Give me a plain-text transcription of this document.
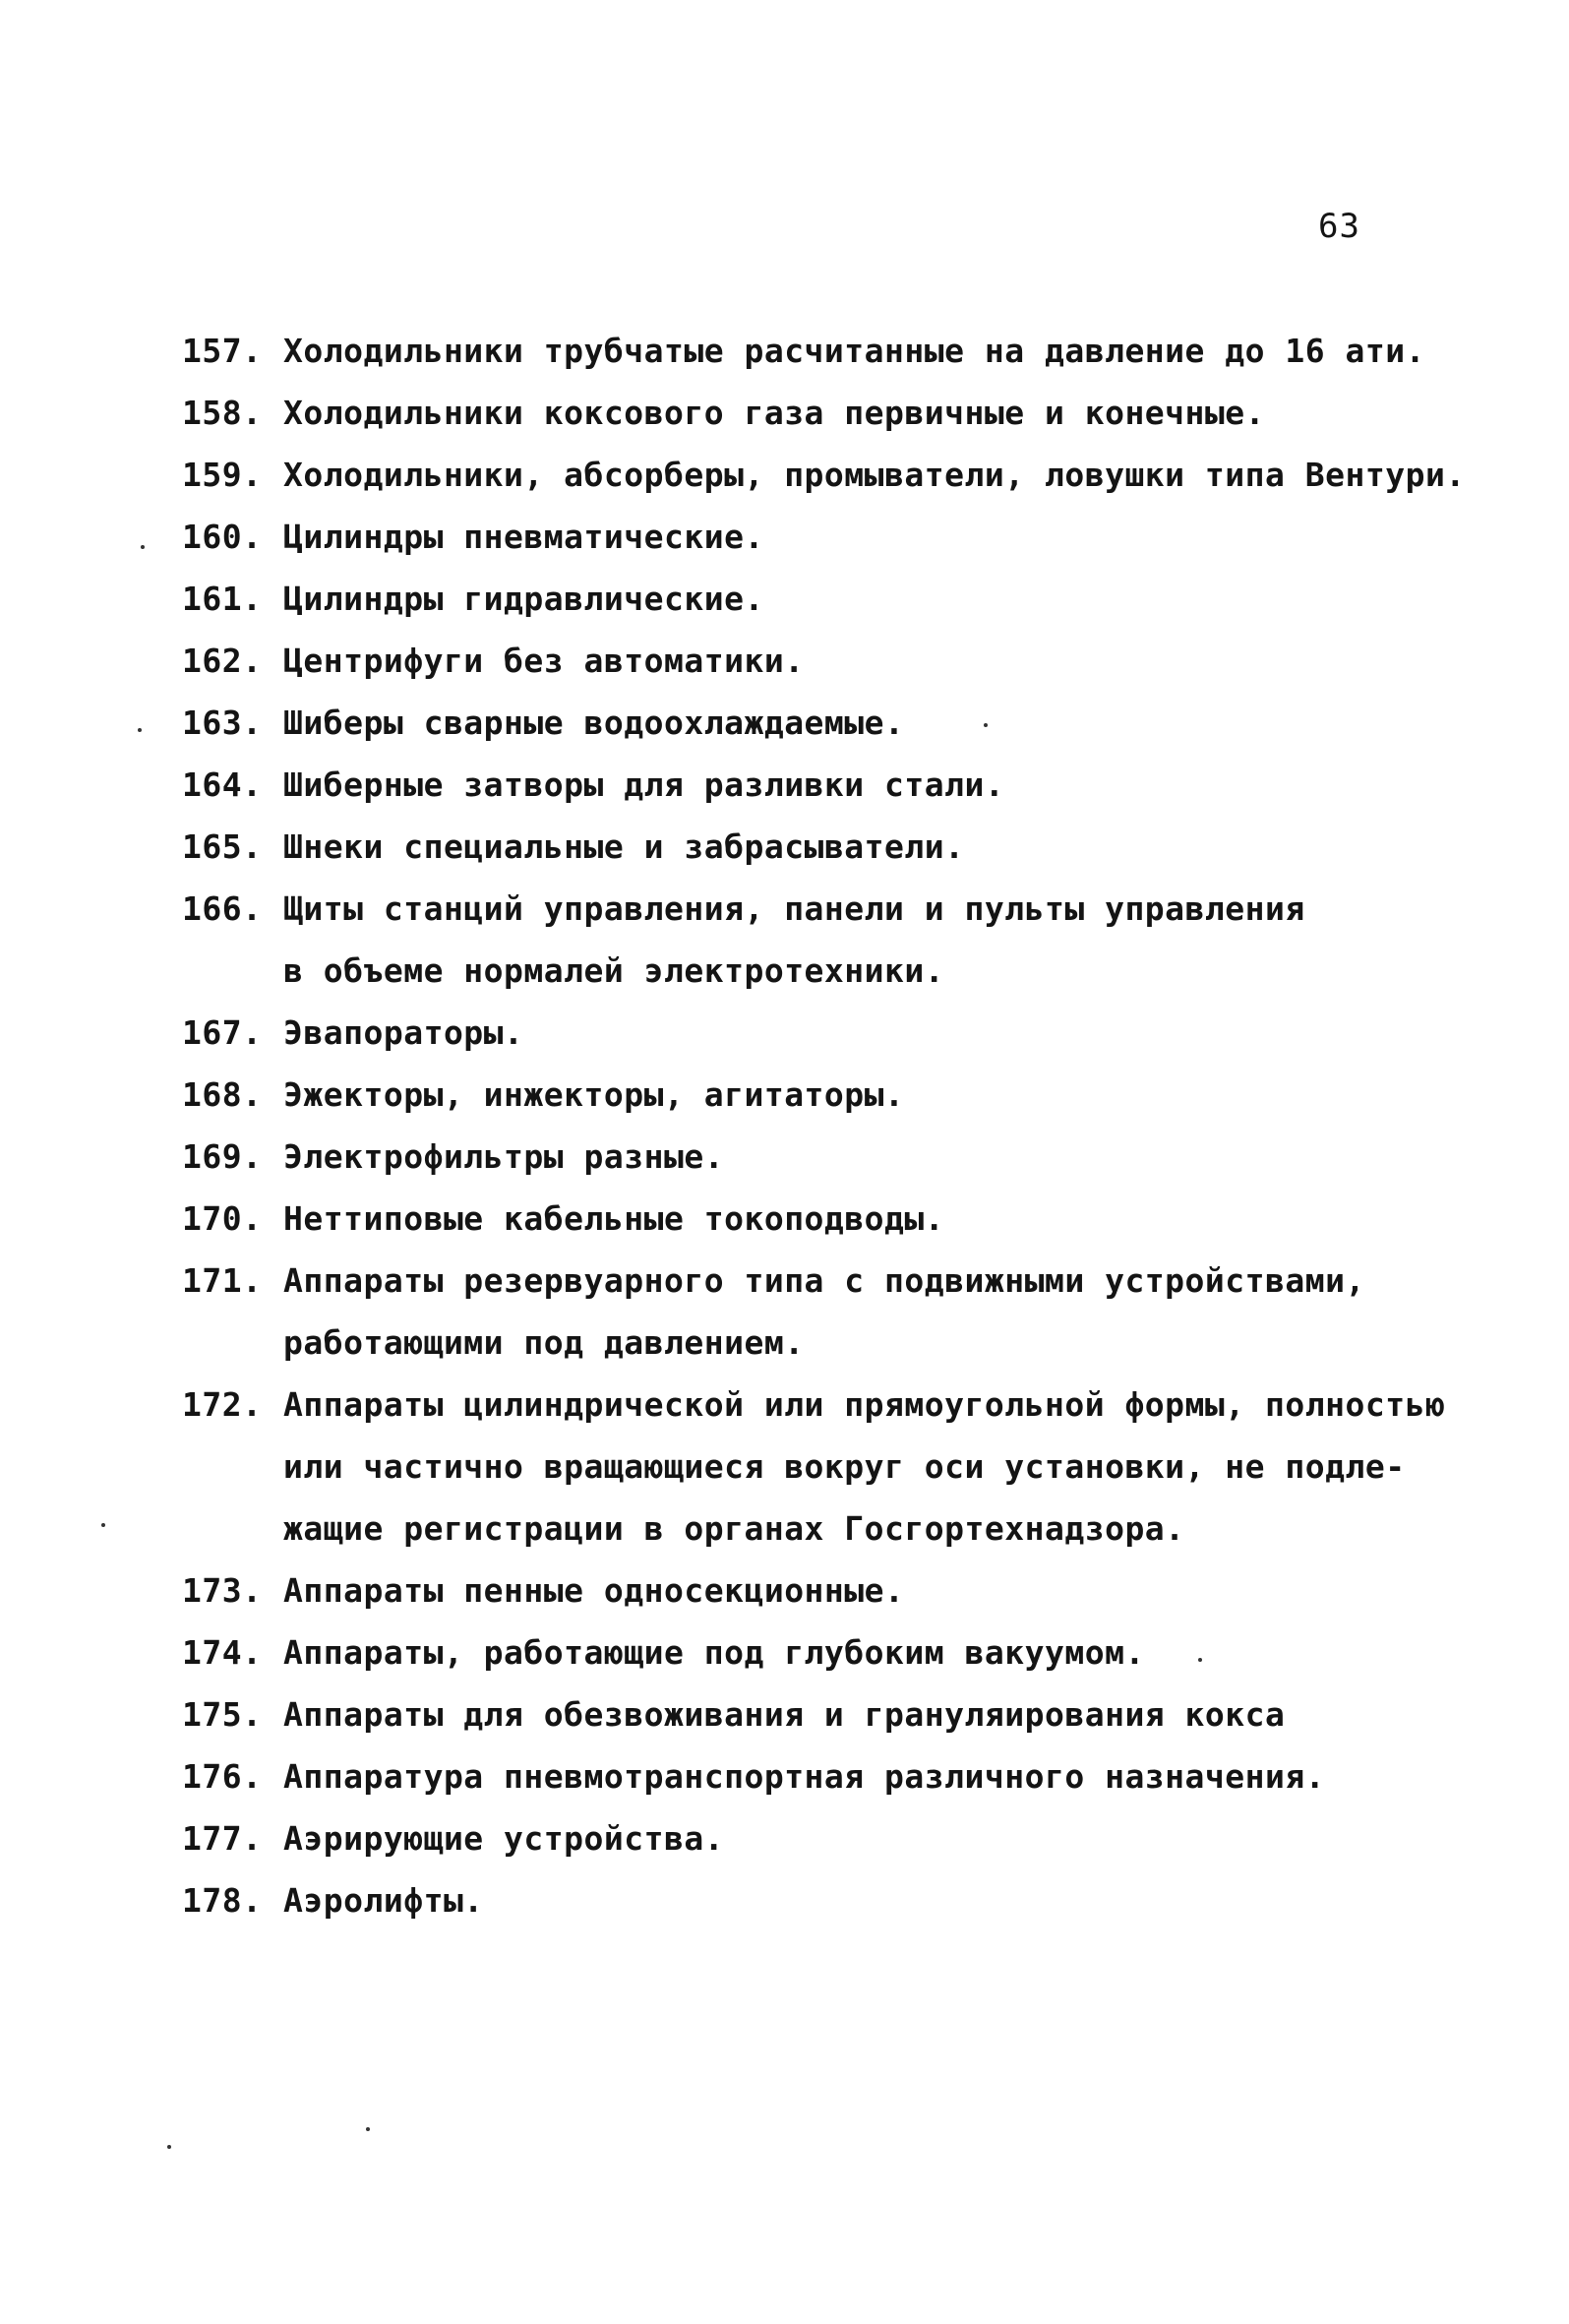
63
157. Холодильники трубчатые расчитанные на давление до 16 ати.
158. Холодильники коксового газа первичные и конечные.
159. Холодильники, абсорберы, промыватели, ловушки типа Вентури.
160. Цилиндры пневматические.
161. Цилиндры гидравлические.
162. Центрифуги без автоматики.
163. Шиберы сварные водоохлаждаемые.
164. Шиберные затворы для разливки стали.
165. Шнеки специальные и забрасыватели.
166. Щиты станций управления, панели и пульты управления
в объеме нормалей электротехники.
167. Эвапораторы.
168. Эжекторы, инжекторы, агитаторы.
169. Электрофильтры разные.
170. Неттиповые кабельные токоподводы.
171. Аппараты резервуарного типа с подвижными устройствами,
работающими под давлением.
172. Аппараты цилиндрической или прямоугольной формы, полностью
или частично вращающиеся вокруг оси установки, не подле-
жащие регистрации в органах Госгортехнадзора.
173. Аппараты пенные односекционные.
174. Аппараты, работающие под глубоким вакуумом.
175. Аппараты для обезвоживания и грануляирования кокса
176. Аппаратура пневмотранспортная различного назначения.
177. Аэрирующие устройства.
178. Аэролифты.
